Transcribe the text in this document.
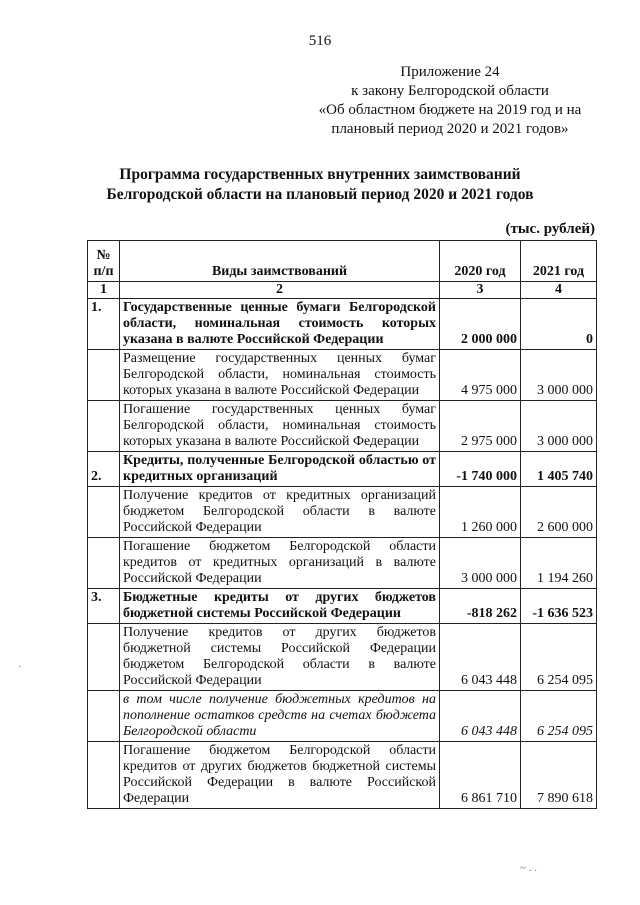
516
Приложение 24
к закону Белгородской области
«Об областном бюджете на 2019 год и на
плановый период 2020 и 2021 годов»
Программа государственных внутренних заимствований
Белгородской области на плановый период 2020 и 2021 годов
(тыс. рублей)
№ п/п	Виды заимствований	2020 год	2021 год
1	2	3	4
1.	Государственные ценные бумаги Белгородской области, номинальная стоимость которых указана в валюте Российской Федерации	2 000 000	0
	Размещение государственных ценных бумаг Белгородской области, номинальная стоимость которых указана в валюте Российской Федерации	4 975 000	3 000 000
	Погашение государственных ценных бумаг Белгородской области, номинальная стоимость которых указана в валюте Российской Федерации	2 975 000	3 000 000
2.	Кредиты, полученные Белгородской областью от кредитных организаций	-1 740 000	1 405 740
	Получение кредитов от кредитных организаций бюджетом Белгородской области в валюте Российской Федерации	1 260 000	2 600 000
	Погашение бюджетом Белгородской области кредитов от кредитных организаций в валюте Российской Федерации	3 000 000	1 194 260
3.	Бюджетные кредиты от других бюджетов бюджетной системы Российской Федерации	-818 262	-1 636 523
	Получение кредитов от других бюджетов бюджетной системы Российской Федерации бюджетом Белгородской области в валюте Российской Федерации	6 043 448	6 254 095
	в том числе получение бюджетных кредитов на пополнение остатков средств на счетах бюджета Белгородской области	6 043 448	6 254 095
	Погашение бюджетом Белгородской области кредитов от других бюджетов бюджетной системы Российской Федерации в валюте Российской Федерации	6 861 710	7 890 618
·
~ . .
